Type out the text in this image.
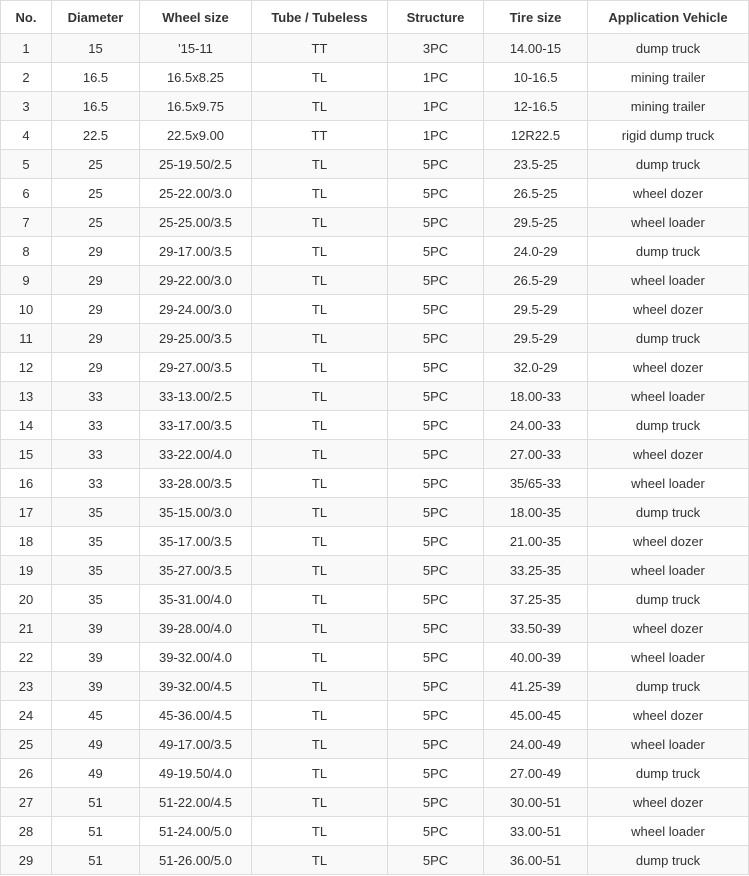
No.	Diameter	Wheel size	Tube / Tubeless	Structure	Tire size	Application Vehicle
1	15	'15-11	TT	3PC	14.00-15	dump truck
2	16.5	16.5x8.25	TL	1PC	10-16.5	mining trailer
3	16.5	16.5x9.75	TL	1PC	12-16.5	mining trailer
4	22.5	22.5x9.00	TT	1PC	12R22.5	rigid dump truck
5	25	25-19.50/2.5	TL	5PC	23.5-25	dump truck
6	25	25-22.00/3.0	TL	5PC	26.5-25	wheel dozer
7	25	25-25.00/3.5	TL	5PC	29.5-25	wheel loader
8	29	29-17.00/3.5	TL	5PC	24.0-29	dump truck
9	29	29-22.00/3.0	TL	5PC	26.5-29	wheel loader
10	29	29-24.00/3.0	TL	5PC	29.5-29	wheel dozer
11	29	29-25.00/3.5	TL	5PC	29.5-29	dump truck
12	29	29-27.00/3.5	TL	5PC	32.0-29	wheel dozer
13	33	33-13.00/2.5	TL	5PC	18.00-33	wheel loader
14	33	33-17.00/3.5	TL	5PC	24.00-33	dump truck
15	33	33-22.00/4.0	TL	5PC	27.00-33	wheel dozer
16	33	33-28.00/3.5	TL	5PC	35/65-33	wheel loader
17	35	35-15.00/3.0	TL	5PC	18.00-35	dump truck
18	35	35-17.00/3.5	TL	5PC	21.00-35	wheel dozer
19	35	35-27.00/3.5	TL	5PC	33.25-35	wheel loader
20	35	35-31.00/4.0	TL	5PC	37.25-35	dump truck
21	39	39-28.00/4.0	TL	5PC	33.50-39	wheel dozer
22	39	39-32.00/4.0	TL	5PC	40.00-39	wheel loader
23	39	39-32.00/4.5	TL	5PC	41.25-39	dump truck
24	45	45-36.00/4.5	TL	5PC	45.00-45	wheel dozer
25	49	49-17.00/3.5	TL	5PC	24.00-49	wheel loader
26	49	49-19.50/4.0	TL	5PC	27.00-49	dump truck
27	51	51-22.00/4.5	TL	5PC	30.00-51	wheel dozer
28	51	51-24.00/5.0	TL	5PC	33.00-51	wheel loader
29	51	51-26.00/5.0	TL	5PC	36.00-51	dump truck
